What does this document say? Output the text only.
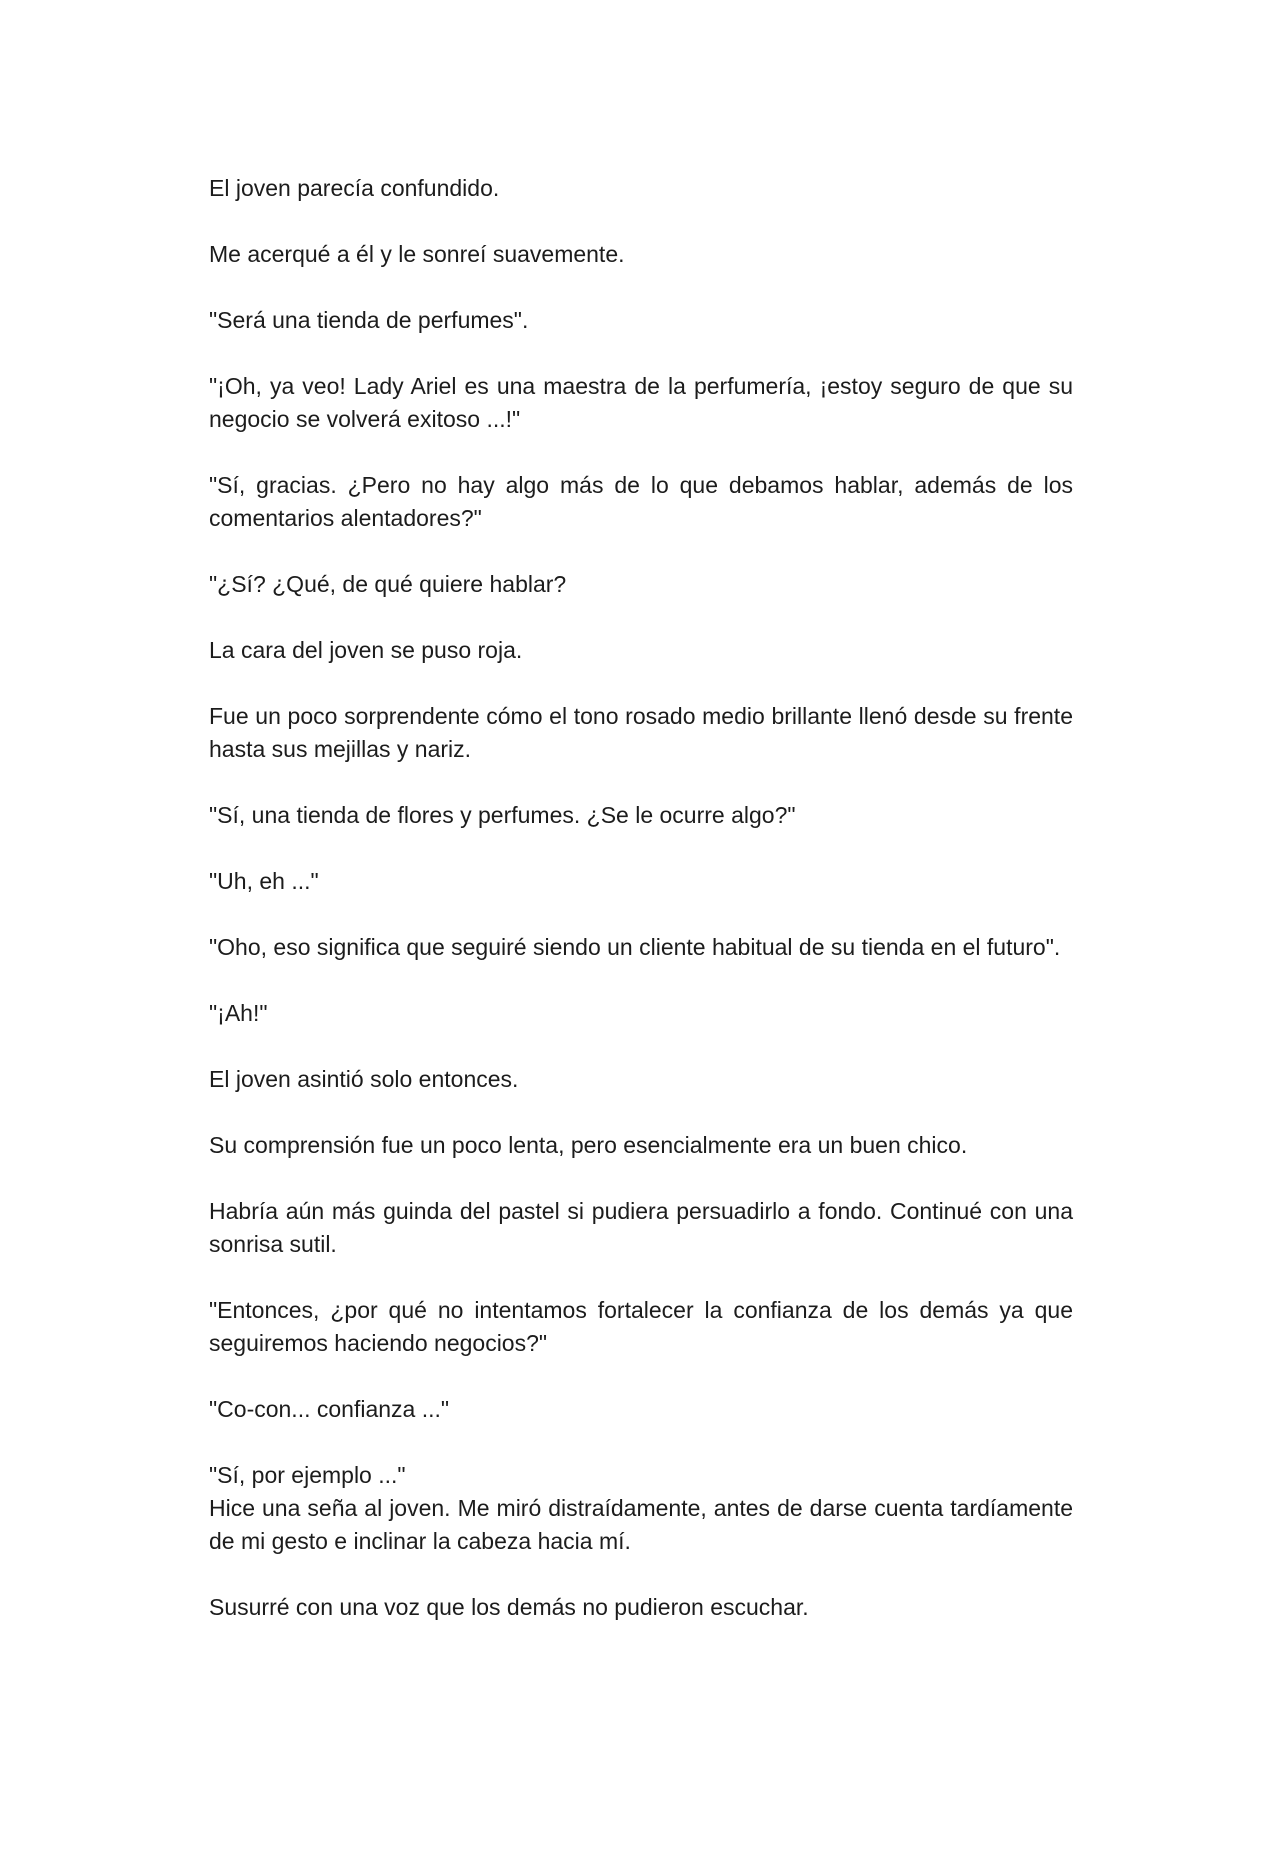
El joven parecía confundido.

Me acerqué a él y le sonreí suavemente.

"Será una tienda de perfumes".

"¡Oh, ya veo! Lady Ariel es una maestra de la perfumería, ¡estoy seguro de que su negocio se volverá exitoso ...!"

"Sí, gracias. ¿Pero no hay algo más de lo que debamos hablar, además de los comentarios alentadores?"

"¿Sí? ¿Qué, de qué quiere hablar?

La cara del joven se puso roja.

Fue un poco sorprendente cómo el tono rosado medio brillante llenó desde su frente hasta sus mejillas y nariz.

"Sí, una tienda de flores y perfumes. ¿Se le ocurre algo?"

"Uh, eh ..."

"Oho, eso significa que seguiré siendo un cliente habitual de su tienda en el futuro".

"¡Ah!"

El joven asintió solo entonces.

Su comprensión fue un poco lenta, pero esencialmente era un buen chico.

Habría aún más guinda del pastel si pudiera persuadirlo a fondo. Continué con una sonrisa sutil.

"Entonces, ¿por qué no intentamos fortalecer la confianza de los demás ya que seguiremos haciendo negocios?"

"Co-con... confianza ..."

"Sí, por ejemplo ..."

Hice una seña al joven. Me miró distraídamente, antes de darse cuenta tardíamente de mi gesto e inclinar la cabeza hacia mí.

Susurré con una voz que los demás no pudieron escuchar.
